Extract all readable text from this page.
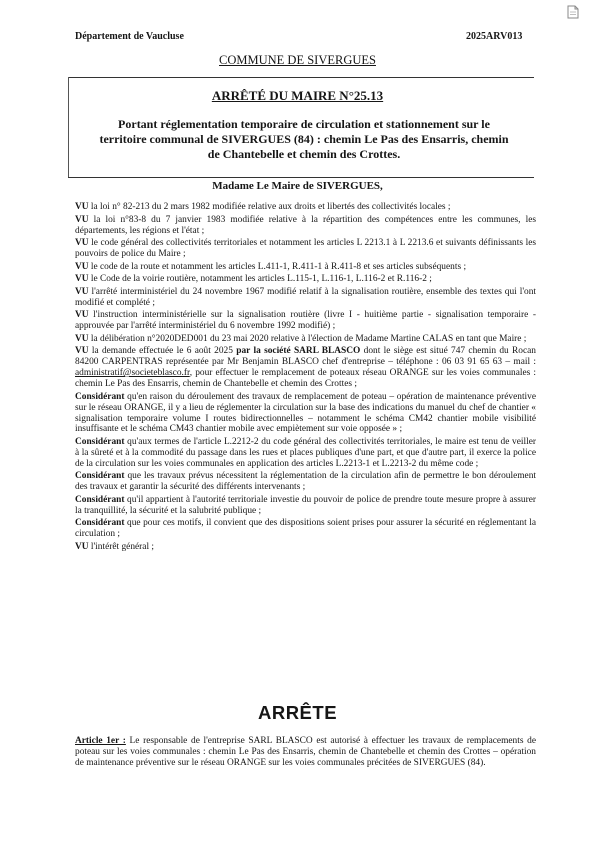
Département de Vaucluse	2025ARV013
COMMUNE DE SIVERGUES
ARRÊTÉ DU MAIRE N°25.13
Portant réglementation temporaire de circulation et stationnement sur le territoire communal de SIVERGUES (84) : chemin Le Pas des Ensarris, chemin de Chantebelle et chemin des Crottes.
Madame Le Maire de SIVERGUES,

VU la loi n° 82-213 du 2 mars 1982 modifiée relative aux droits et libertés des collectivités locales ;

VU la loi n°83-8 du 7 janvier 1983 modifiée relative à la répartition des compétences entre les communes, les départements, les régions et l'état ;

VU le code général des collectivités territoriales et notamment les articles L 2213.1 à L 2213.6 et suivants définissants les pouvoirs de police du Maire ;

VU le code de la route et notamment les articles L.411-1, R.411-1 à R.411-8 et ses articles subséquents ;

VU le Code de la voirie routière, notamment les articles L.115-1, L.116-1, L.116-2 et R.116-2 ;

VU l'arrêté interministériel du 24 novembre 1967 modifié relatif à la signalisation routière, ensemble des textes qui l'ont modifié et complété ;

VU l'instruction interministérielle sur la signalisation routière (livre I - huitième partie - signalisation temporaire - approuvée par l'arrêté interministériel du 6 novembre 1992 modifié) ;

VU la délibération n°2020DED001 du 23 mai 2020 relative à l'élection de Madame Martine CALAS en tant que Maire ;

VU la demande effectuée le 6 août 2025 par la société SARL BLASCO dont le siège est situé 747 chemin du Rocan 84200 CARPENTRAS représentée par Mr Benjamin BLASCO chef d'entreprise – téléphone : 06 03 91 65 63 – mail : administratif@societeblasco.fr, pour effectuer le remplacement de poteaux réseau ORANGE sur les voies communales : chemin Le Pas des Ensarris, chemin de Chantebelle et chemin des Crottes ;

Considérant qu'en raison du déroulement des travaux de remplacement de poteau – opération de maintenance préventive sur le réseau ORANGE, il y a lieu de réglementer la circulation sur la base des indications du manuel du chef de chantier « signalisation temporaire volume I routes bidirectionnelles – notamment le schéma CM42 chantier mobile visibilité insuffisante et le schéma CM43 chantier mobile avec empiètement sur voie opposée » ;

Considérant qu'aux termes de l'article L.2212-2 du code général des collectivités territoriales, le maire est tenu de veiller à la sûreté et à la commodité du passage dans les rues et places publiques d'une part, et que d'autre part, il exerce la police de la circulation sur les voies communales en application des articles L.2213-1 et L.2213-2 du même code ;

Considérant que les travaux prévus nécessitent la réglementation de la circulation afin de permettre le bon déroulement des travaux et garantir la sécurité des différents intervenants ;

Considérant qu'il appartient à l'autorité territoriale investie du pouvoir de police de prendre toute mesure propre à assurer la tranquillité, la sécurité et la salubrité publique ;

Considérant que pour ces motifs, il convient que des dispositions soient prises pour assurer la sécurité en réglementant la circulation ;

VU l'intérêt général ;

ARRÊTE
Article 1er : Le responsable de l'entreprise SARL BLASCO est autorisé à effectuer les travaux de remplacements de poteau sur les voies communales : chemin Le Pas des Ensarris, chemin de Chantebelle et chemin des Crottes – opération de maintenance préventive sur le réseau ORANGE sur les voies communales précitées de SIVERGUES (84).
